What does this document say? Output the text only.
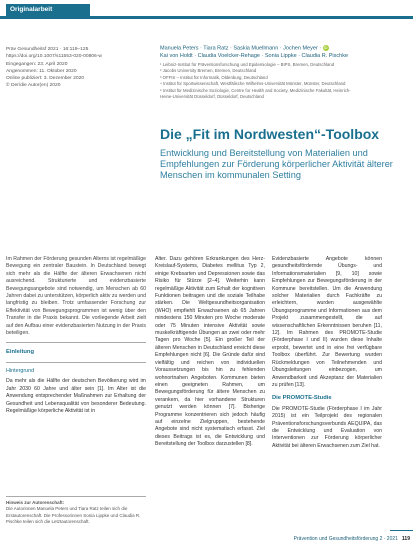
Originalarbeit
Präv Gesundheitsf 2021 · 16:119–125
https://doi.org/10.1007/s11553-020-00806-w
Eingegangen: 23. April 2020
Angenommen: 11. Oktober 2020
Online publiziert: 3. Dezember 2020
© Der/die Autor(en) 2020
Manuela Peters · Tiara Ratz · Saskia Muellmann · Jochen Meyer · iD
Kai von Holdt · Claudia Voelcker-Rehage · Sonia Lippke · Claudia R. Pischke
¹ Leibniz-Institut für Präventionsforschung und Epidemiologie – BIPS, Bremen, Deutschland
² Jacobs University Bremen, Bremen, Deutschland
³ OFFIS – Institut für Informatik, Oldenburg, Deutschland
⁴ Institut für Sportwissenschaft, Westfälische Wilhelms-Universität Münster, Münster, Deutschland
⁵ Institut für Medizinische Soziologie, Centre for Health and Society, Medizinische Fakultät, Heinrich-
Heine-Universität Düsseldorf, Düsseldorf, Deutschland
Die „Fit im Nordwesten“-Toolbox
Entwicklung und Bereitstellung von Materialien und Empfehlungen zur Förderung körperlicher Aktivität älterer Menschen im kommunalen Setting

Im Rahmen der Förderung gesunden Alterns ist regelmäßige Bewegung ein zentraler Baustein. In Deutschland bewegt sich mehr als die Hälfte der älteren Erwachsenen nicht ausreichend. Strukturierte und evidenzbasierte Bewegungsangebote sind notwendig, um Menschen ab 60 Jahren dabei zu unterstützen, körperlich aktiv zu werden und langfristig zu bleiben. Trotz umfassender Forschung zur Effektivität von Bewegungsprogrammen ist wenig über den Transfer in die Praxis bekannt. Die vorliegende Arbeit zielt auf den Aufbau einer evidenzbasierten Nutzung in der Praxis beteiligen.

Einleitung
Hintergrund

Da mehr als die Hälfte der deutschen Bevölkerung wird im Jahr 2030 60 Jahre und älter sein [1]. Im Alter ist die Anwendung entsprechender Maßnahmen zur Erhaltung der Gesundheit und Lebensqualität von besonderer Bedeutung. Regelmäßige körperliche Aktivität ist in

Alter. Dazu gehören Erkrankungen des Herz-Kreislauf-Systems, Diabetes mellitus Typ 2, einige Krebsarten und Depressionen sowie das Risiko für Stürze [2–4]. Weiterhin kann regelmäßige Aktivität zum Erhalt der kognitiven Funktionen beitragen und die soziale Teilhabe stärken. Die Weltgesundheitsorganisation (WHO) empfiehlt Erwachsenen ab 65 Jahren mindestens 150 Minuten pro Woche moderate oder 75 Minuten intensive Aktivität sowie muskelkräftigende Übungen an zwei oder mehr Tagen pro Woche [5]. Ein großer Teil der älteren Menschen in Deutschland erreicht diese Empfehlungen nicht [6]. Die Gründe dafür sind vielfältig und reichen von individuellen Voraussetzungen bis hin zu fehlenden wohnortnahen Angeboten. Kommunen bieten einen geeigneten Rahmen, um Bewegungsförderung für ältere Menschen zu verankern, da hier vorhandene Strukturen genutzt werden können [7]. Bisherige Programme konzentrieren sich jedoch häufig auf einzelne Zielgruppen, bestehende Angebote sind nicht systematisch erfasst. Ziel dieses Beitrags ist es, die Entwicklung und Bereitstellung der Toolbox darzustellen [8].

Evidenzbasierte Angebote können gesundheitsfördernde Übungs- und Informationsmaterialien [9, 10] sowie Empfehlungen zur Bewegungsförderung in der Kommune bereitstellen. Um die Anwendung solcher Materialien durch Fachkräfte zu erleichtern, wurden ausgewählte Übungsprogramme und Informationen aus dem Projekt zusammengestellt, die auf wissenschaftlichen Erkenntnissen beruhen [11, 12]. Im Rahmen des PROMOTE-Studie (Förderphase I und II) wurden diese Inhalte erprobt, bewertet und in eine frei verfügbare Toolbox überführt. Zur Bewertung wurden Rückmeldungen von Teilnehmenden und Übungsleitungen einbezogen, um Anwendbarkeit und Akzeptanz der Materialien zu prüfen [13].

Die PROMOTE-Studie

Die PROMOTE-Studie (Förderphase I im Jahr 2015) ist ein Teilprojekt des regionalen Präventionsforschungsverbunds AEQUIPA, das die Entwicklung und Evaluation von Interventionen zur Förderung körperlicher Aktivität bei älteren Erwachsenen zum Ziel hat.

Hinweis zur Autorenschaft:
Die Autorinnen Manuela Peters und Tiara Ratz teilen sich die Erstautorenschaft. Die Professorinnen Sonia Lippke und Claudia R. Pischke teilen sich die Letztautorenschaft.
Prävention und Gesundheitsförderung 2 · 2021 119
